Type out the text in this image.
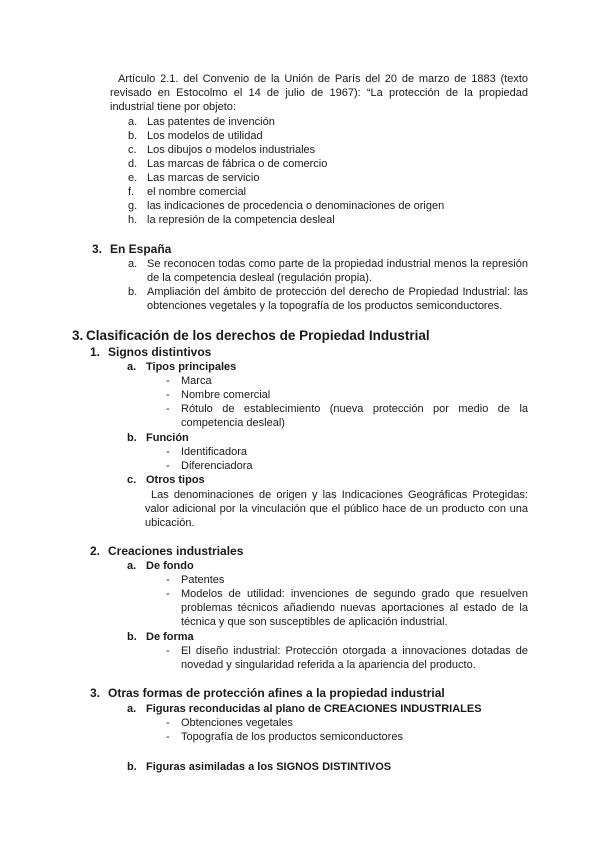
Artículo 2.1. del Convenio de la Unión de París del 20 de marzo de 1883 (texto revisado en Estocolmo el 14 de julio de 1967): “La protección de la propiedad industrial tiene por objeto:
a. Las patentes de invención
b. Los modelos de utilidad
c. Los dibujos o modelos industriales
d. Las marcas de fábrica o de comercio
e. Las marcas de servicio
f. el nombre comercial
g. las indicaciones de procedencia o denominaciones de origen
h. la represión de la competencia desleal
3. En España
a. Se reconocen todas como parte de la propiedad industrial menos la represión de la competencia desleal (regulación propia).
b. Ampliación del ámbito de protección del derecho de Propiedad Industrial: las obtenciones vegetales y la topografía de los productos semiconductores.
3. Clasificación de los derechos de Propiedad Industrial
1. Signos distintivos
a. Tipos principales
- Marca
- Nombre comercial
- Rótulo de establecimiento (nueva protección por medio de la competencia desleal)
b. Función
- Identificadora
- Diferenciadora
c. Otros tipos
Las denominaciones de origen y las Indicaciones Geográficas Protegidas: valor adicional por la vinculación que el público hace de un producto con una ubicación.
2. Creaciones industriales
a. De fondo
- Patentes
- Modelos de utilidad: invenciones de segundo grado que resuelven problemas técnicos añadiendo nuevas aportaciones al estado de la técnica y que son susceptibles de aplicación industrial.
b. De forma
- El diseño industrial: Protección otorgada a innovaciones dotadas de novedad y singularidad referida a la apariencia del producto.
3. Otras formas de protección afines a la propiedad industrial
a. Figuras reconducidas al plano de CREACIONES INDUSTRIALES
- Obtenciones vegetales
- Topografía de los productos semiconductores
b. Figuras asimiladas a los SIGNOS DISTINTIVOS
